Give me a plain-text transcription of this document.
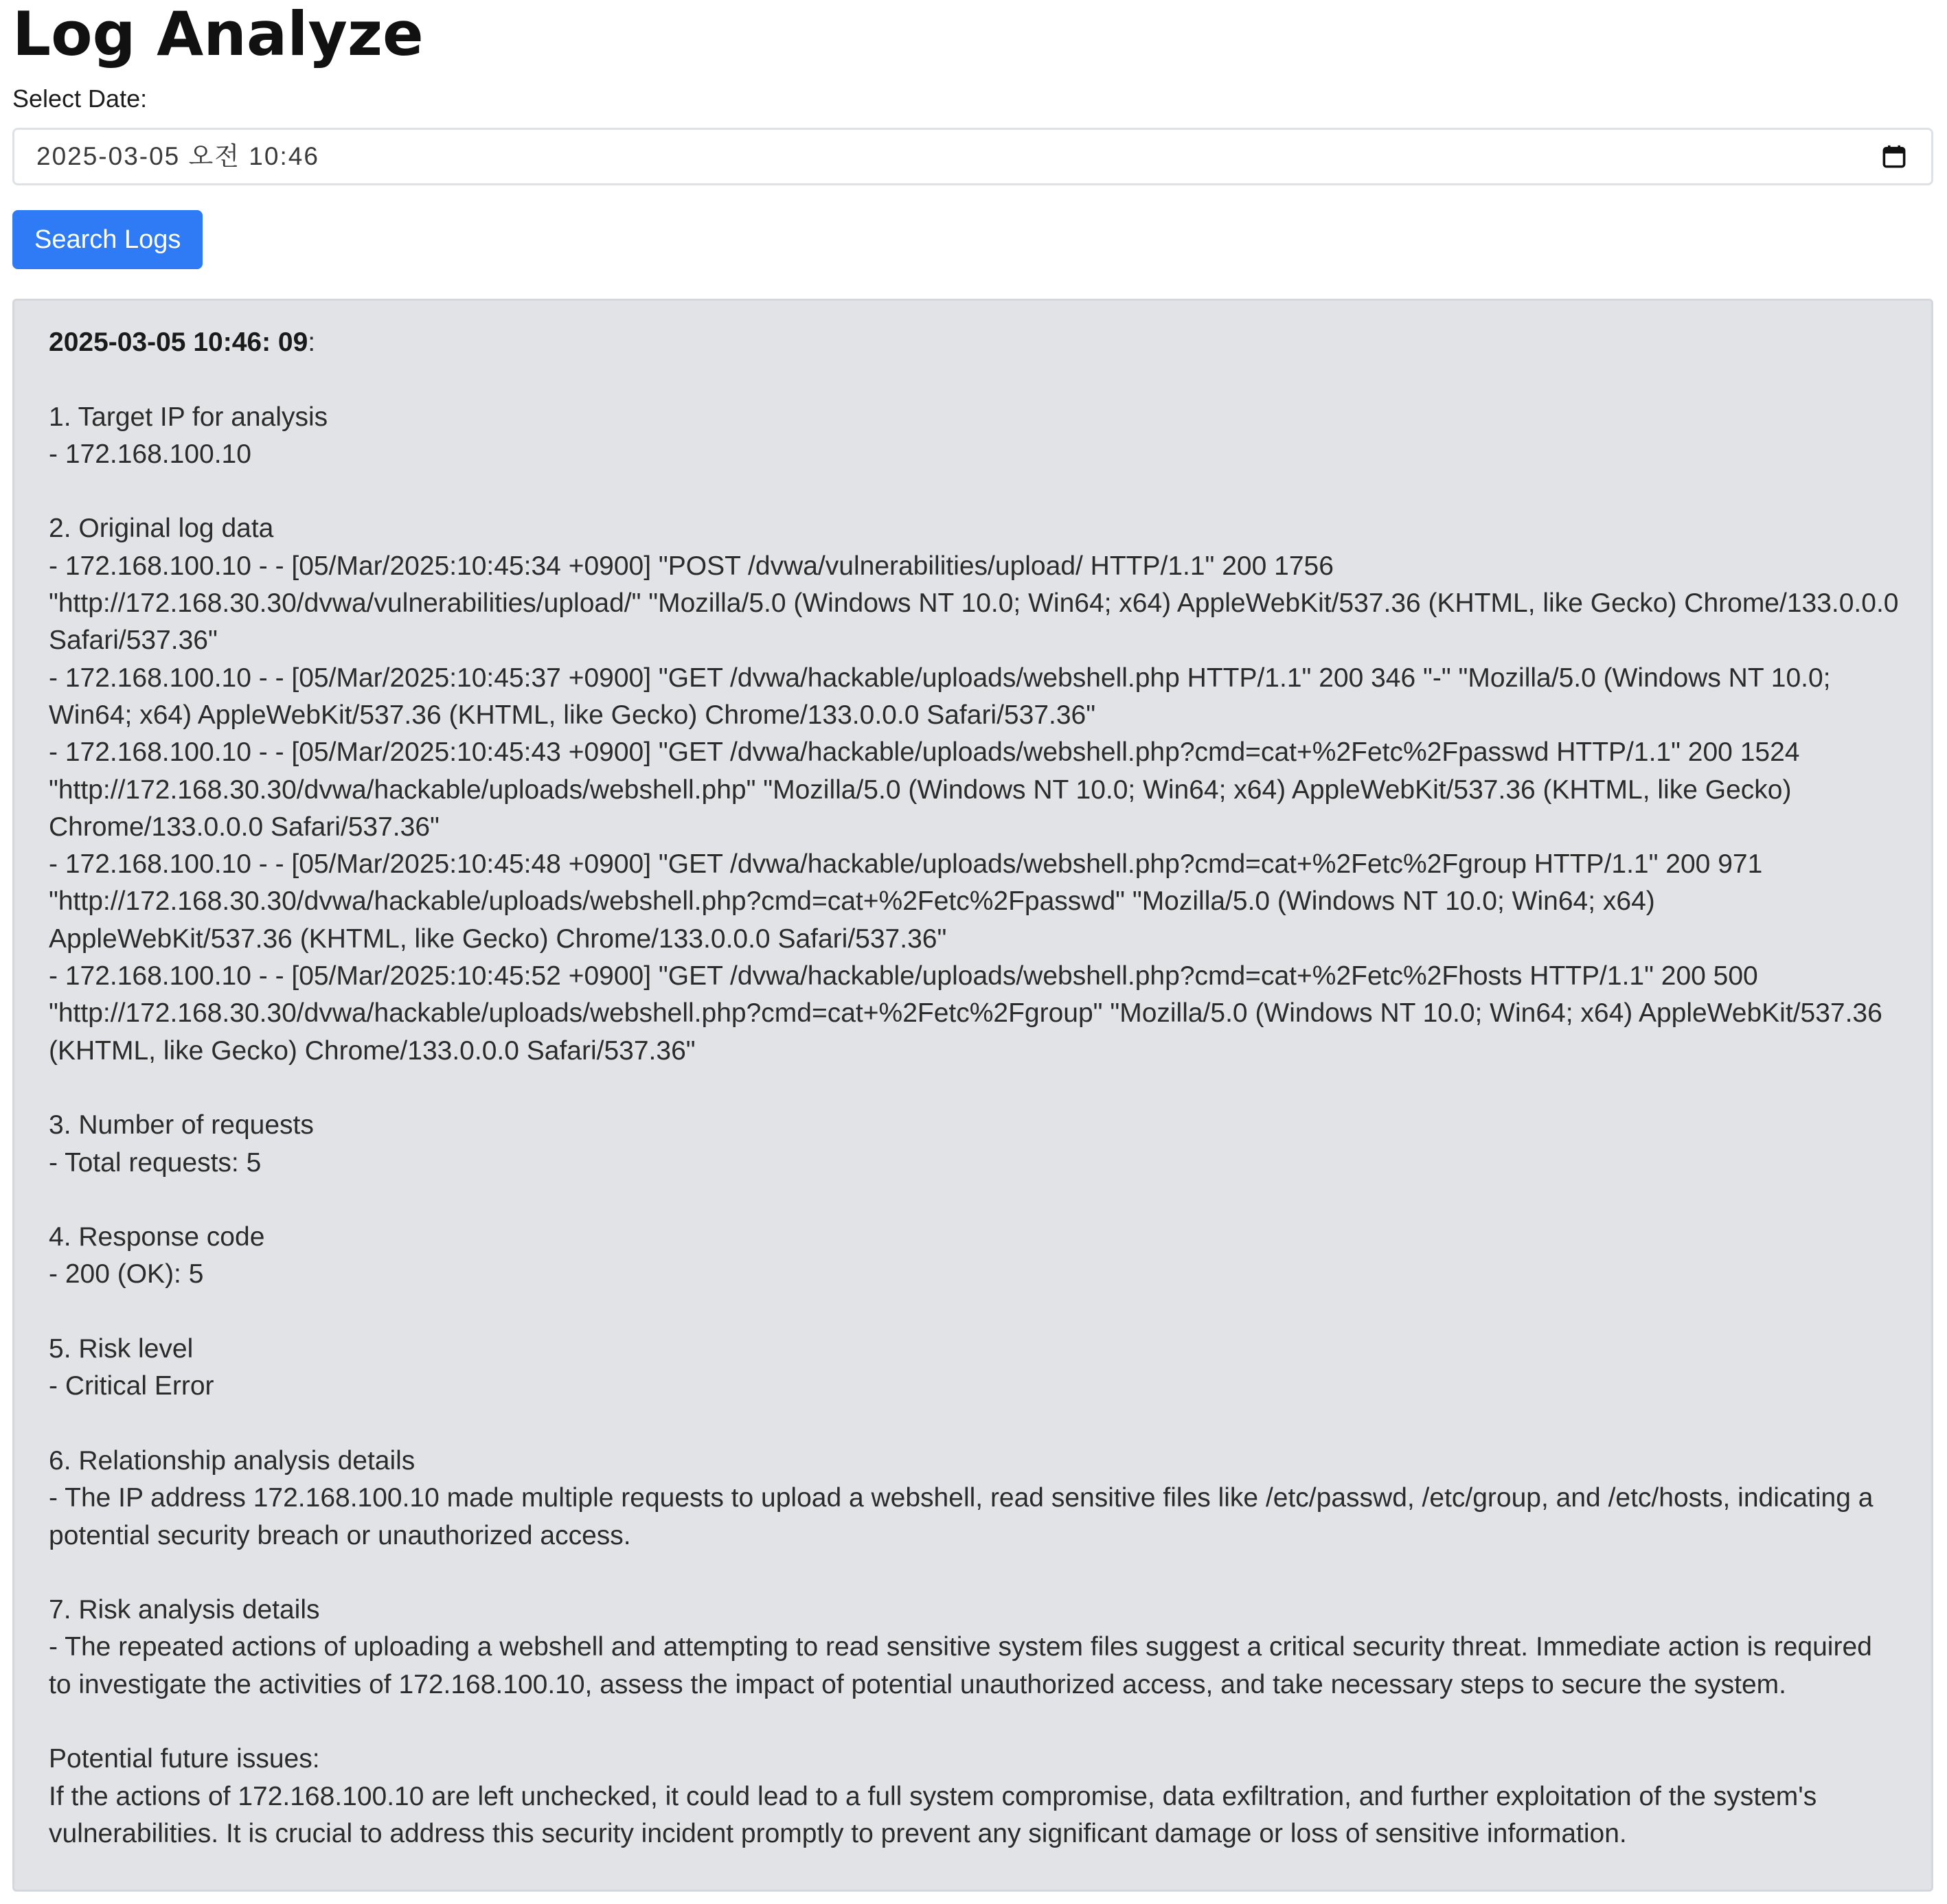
Log Analyze
Select Date:
2025-03-05 오전 10:46
Search Logs
2025-03-05 10:46: 09:

1. Target IP for analysis
- 172.168.100.10

2. Original log data
- 172.168.100.10 - - [05/Mar/2025:10:45:34 +0900] "POST /dvwa/vulnerabilities/upload/ HTTP/1.1" 200 1756 "http://172.168.30.30/dvwa/vulnerabilities/upload/" "Mozilla/5.0 (Windows NT 10.0; Win64; x64) AppleWebKit/537.36 (KHTML, like Gecko) Chrome/133.0.0.0 Safari/537.36"
- 172.168.100.10 - - [05/Mar/2025:10:45:37 +0900] "GET /dvwa/hackable/uploads/webshell.php HTTP/1.1" 200 346 "-" "Mozilla/5.0 (Windows NT 10.0; Win64; x64) AppleWebKit/537.36 (KHTML, like Gecko) Chrome/133.0.0.0 Safari/537.36"
- 172.168.100.10 - - [05/Mar/2025:10:45:43 +0900] "GET /dvwa/hackable/uploads/webshell.php?cmd=cat+%2Fetc%2Fpasswd HTTP/1.1" 200 1524 "http://172.168.30.30/dvwa/hackable/uploads/webshell.php" "Mozilla/5.0 (Windows NT 10.0; Win64; x64) AppleWebKit/537.36 (KHTML, like Gecko) Chrome/133.0.0.0 Safari/537.36"
- 172.168.100.10 - - [05/Mar/2025:10:45:48 +0900] "GET /dvwa/hackable/uploads/webshell.php?cmd=cat+%2Fetc%2Fgroup HTTP/1.1" 200 971 "http://172.168.30.30/dvwa/hackable/uploads/webshell.php?cmd=cat+%2Fetc%2Fpasswd" "Mozilla/5.0 (Windows NT 10.0; Win64; x64) AppleWebKit/537.36 (KHTML, like Gecko) Chrome/133.0.0.0 Safari/537.36"
- 172.168.100.10 - - [05/Mar/2025:10:45:52 +0900] "GET /dvwa/hackable/uploads/webshell.php?cmd=cat+%2Fetc%2Fhosts HTTP/1.1" 200 500 "http://172.168.30.30/dvwa/hackable/uploads/webshell.php?cmd=cat+%2Fetc%2Fgroup" "Mozilla/5.0 (Windows NT 10.0; Win64; x64) AppleWebKit/537.36 (KHTML, like Gecko) Chrome/133.0.0.0 Safari/537.36"

3. Number of requests
- Total requests: 5

4. Response code
- 200 (OK): 5

5. Risk level
- Critical Error

6. Relationship analysis details
- The IP address 172.168.100.10 made multiple requests to upload a webshell, read sensitive files like /etc/passwd, /etc/group, and /etc/hosts, indicating a potential security breach or unauthorized access.

7. Risk analysis details
- The repeated actions of uploading a webshell and attempting to read sensitive system files suggest a critical security threat. Immediate action is required to investigate the activities of 172.168.100.10, assess the impact of potential unauthorized access, and take necessary steps to secure the system.

Potential future issues:
If the actions of 172.168.100.10 are left unchecked, it could lead to a full system compromise, data exfiltration, and further exploitation of the system's vulnerabilities. It is crucial to address this security incident promptly to prevent any significant damage or loss of sensitive information.
